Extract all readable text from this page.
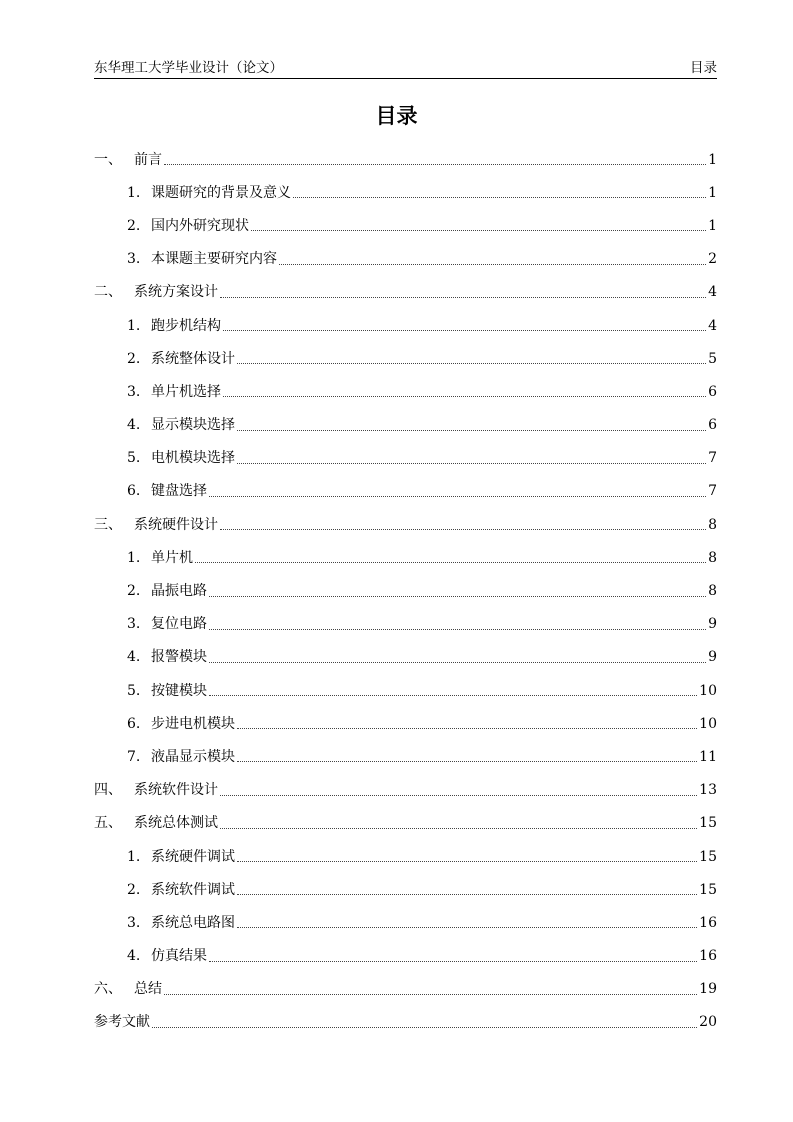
东华理工大学毕业设计（论文）	目录
目录
一、 前言	1
1. 课题研究的背景及意义	1
2. 国内外研究现状	1
3. 本课题主要研究内容	2
二、 系统方案设计	4
1. 跑步机结构	4
2. 系统整体设计	5
3. 单片机选择	6
4. 显示模块选择	6
5. 电机模块选择	7
6. 键盘选择	7
三、 系统硬件设计	8
1. 单片机	8
2. 晶振电路	8
3. 复位电路	9
4. 报警模块	9
5. 按键模块	10
6. 步进电机模块	10
7. 液晶显示模块	11
四、 系统软件设计	13
五、 系统总体测试	15
1. 系统硬件调试	15
2. 系统软件调试	15
3. 系统总电路图	16
4. 仿真结果	16
六、 总结	19
参考文献	20
